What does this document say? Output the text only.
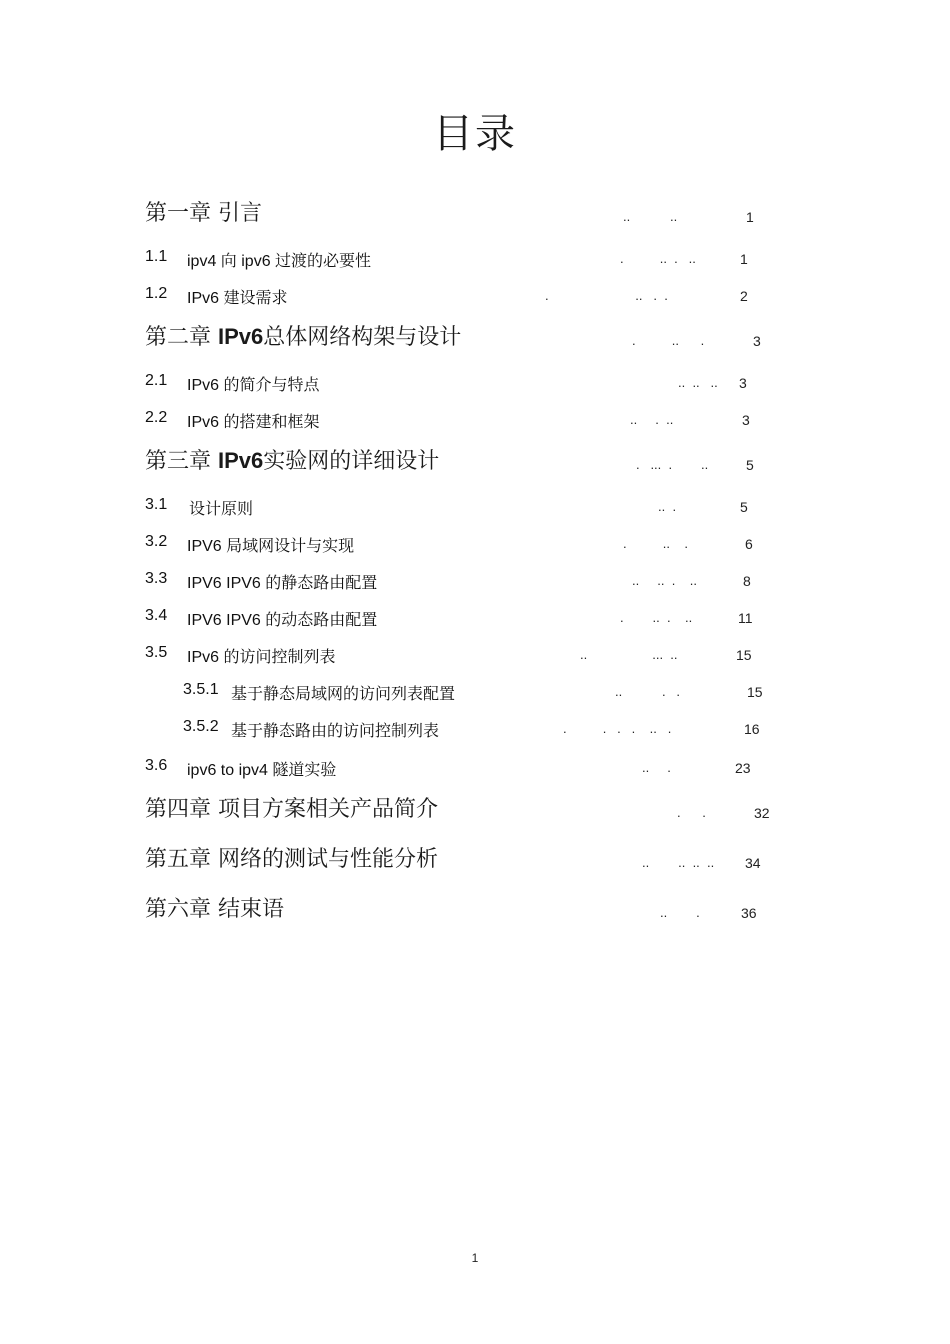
目录
第一章 引言	..           ..	1
1.1 ipv4 向 ipv6 过渡的必要性	.          ..  .   ..	1
1.2 IPv6 建设需求	.                        ..   .  .	2
第二章 IPv6总体网络构架与设计	.          ..      .	3
2.1 IPv6 的简介与特点	..  ..   .. 3
2.2 IPv6 的搭建和框架	..     .  ..	3
第三章 IPv6实验网的详细设计	.   ...  .        ..	5
3.1 设计原则	..  .	5
3.2 IPV6 局域网设计与实现	.          ..    .	6
3.3 IPV6 IPV6 的静态路由配置	..     ..  .    ..	8
3.4 IPV6 IPV6 的动态路由配置	.        ..  .    ..	11
3.5 IPv6 的访问控制列表	..                  ...  ..	15
3.5.1 基于静态局域网的访问列表配置	..           .   .	15
3.5.2 基于静态路由的访问控制列表	.          .   .   .    ..   .	16
3.6 ipv6 to ipv4 隧道实验	..     .	23
第四章 项目方案相关产品简介	.      .	32
第五章 网络的测试与性能分析	..        ..  ..  .. 34
第六章 结束语	..        .	36
1
